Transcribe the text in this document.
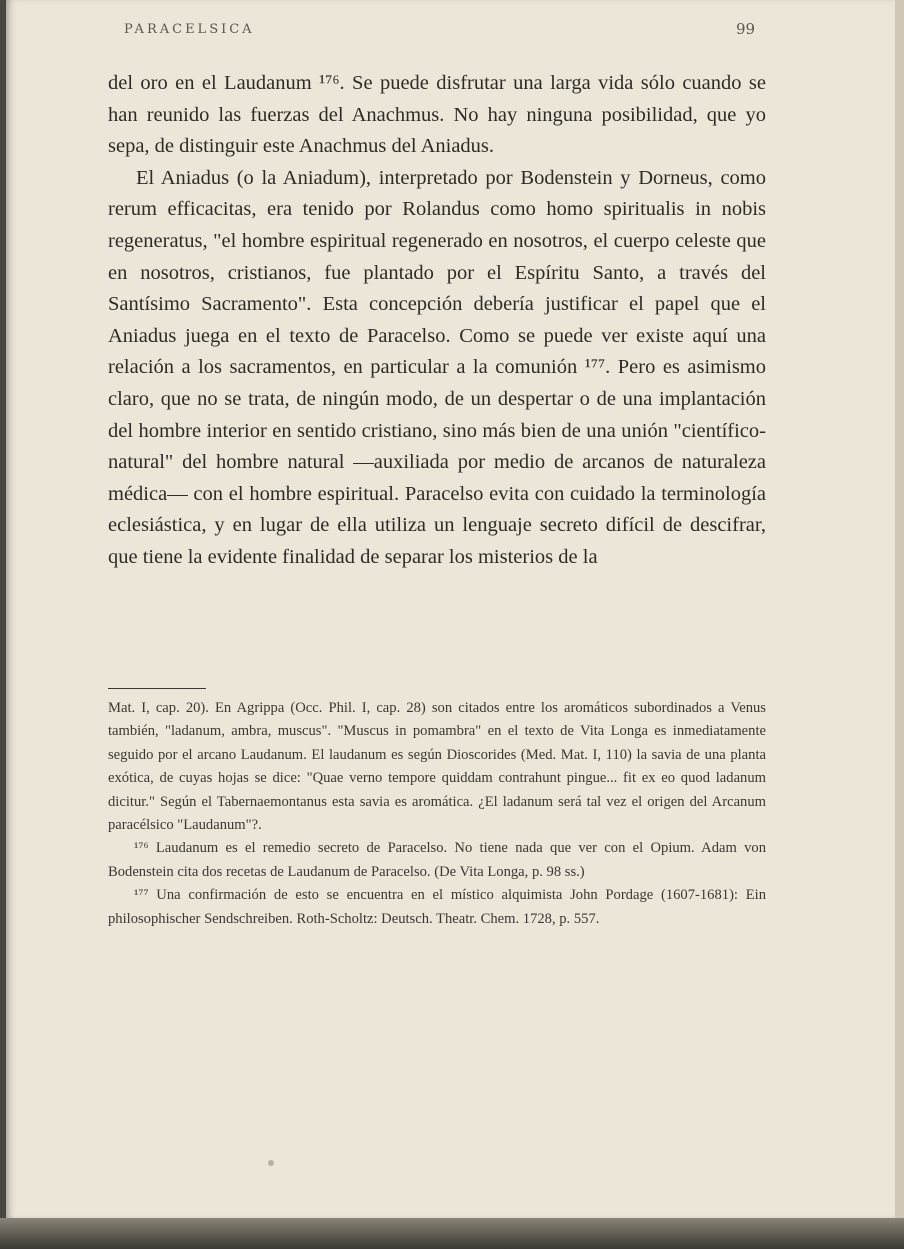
PARACELSICA	99

del oro en el Laudanum ¹⁷⁶. Se puede disfrutar una larga vida sólo cuando se han reunido las fuerzas del Anachmus. No hay ninguna posibilidad, que yo sepa, de distinguir este Anachmus del Aniadus.

El Aniadus (o la Aniadum), interpretado por Bodenstein y Dorneus, como rerum efficacitas, era tenido por Rolandus como homo spiritualis in nobis regeneratus, "el hombre espiritual regenerado en nosotros, el cuerpo celeste que en nosotros, cristianos, fue plantado por el Espíritu Santo, a través del Santísimo Sacramento". Esta concepción debería justificar el papel que el Aniadus juega en el texto de Paracelso. Como se puede ver existe aquí una relación a los sacramentos, en particular a la comunión ¹⁷⁷. Pero es asimismo claro, que no se trata, de ningún modo, de un despertar o de una implantación del hombre interior en sentido cristiano, sino más bien de una unión "científico-natural" del hombre natural —auxiliada por medio de arcanos de naturaleza médica— con el hombre espiritual. Paracelso evita con cuidado la terminología eclesiástica, y en lugar de ella utiliza un lenguaje secreto difícil de descifrar, que tiene la evidente finalidad de separar los misterios de la

Mat. I, cap. 20). En Agrippa (Occ. Phil. I, cap. 28) son citados entre los aromáticos subordinados a Venus también, "ladanum, ambra, muscus". "Muscus in pomambra" en el texto de Vita Longa es inmediatamente seguido por el arcano Laudanum. El laudanum es según Dioscorides (Med. Mat. I, 110) la savia de una planta exótica, de cuyas hojas se dice: "Quae verno tempore quiddam contrahunt pingue... fit ex eo quod ladanum dicitur." Según el Tabernaemontanus esta savia es aromática. ¿El ladanum será tal vez el origen del Arcanum paracélsico "Laudanum"?.

¹⁷⁶ Laudanum es el remedio secreto de Paracelso. No tiene nada que ver con el Opium. Adam von Bodenstein cita dos recetas de Laudanum de Paracelso. (De Vita Longa, p. 98 ss.)

¹⁷⁷ Una confirmación de esto se encuentra en el místico alquimista John Pordage (1607-1681): Ein philosophischer Sendschreiben. Roth-Scholtz: Deutsch. Theatr. Chem. 1728, p. 557.
